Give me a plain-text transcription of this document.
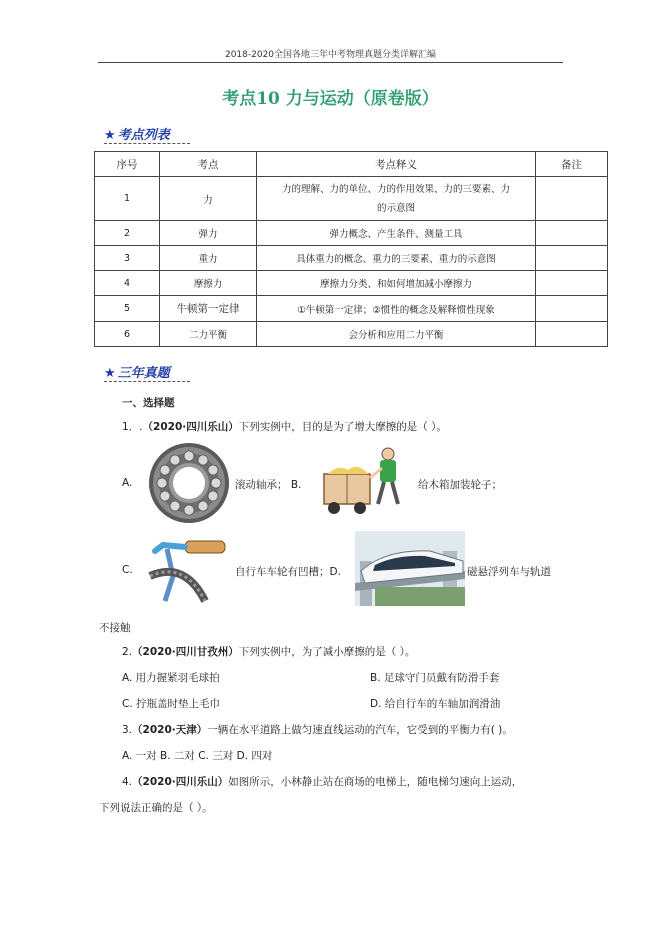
2018-2020全国各地三年中考物理真题分类详解汇编
考点10 力与运动（原卷版）
★ 考点列表
序号	考点	考点释义	备注
1	力	力的理解、力的单位、力的作用效果、力的三要素、力
的示意图	

2	弹力	弹力概念、产生条件、测量工具	
3	重力	具体重力的概念、重力的三要素、重力的示意图	
4	摩擦力	摩擦力分类、和如何增加减小摩擦力	
5	牛顿第一定律	①牛顿第一定律；②惯性的概念及解释惯性现象	
6	二力平衡	会分析和应用二力平衡	
★ 三年真题
一、选择题
1．.（2020·四川乐山）下列实例中，目的是为了增大摩擦的是（ ）。
A.	滚动轴承； B.	给木箱加装轮子；
C.	自行车车轮有凹槽；D.	磁悬浮列车与轨道
不接触
2.（2020·四川甘孜州）下列实例中，为了减小摩擦的是（ ）。
A. 用力握紧羽毛球拍	B. 足球守门员戴有防滑手套
C. 拧瓶盖时垫上毛巾	D. 给自行车的车轴加润滑油
3.（2020·天津）一辆在水平道路上做匀速直线运动的汽车，它受到的平衡力有( )。
A. 一对 B. 二对 C. 三对 D. 四对
4.（2020·四川乐山）如图所示，小林静止站在商场的电梯上，随电梯匀速向上运动，
下列说法正确的是（ ）。
